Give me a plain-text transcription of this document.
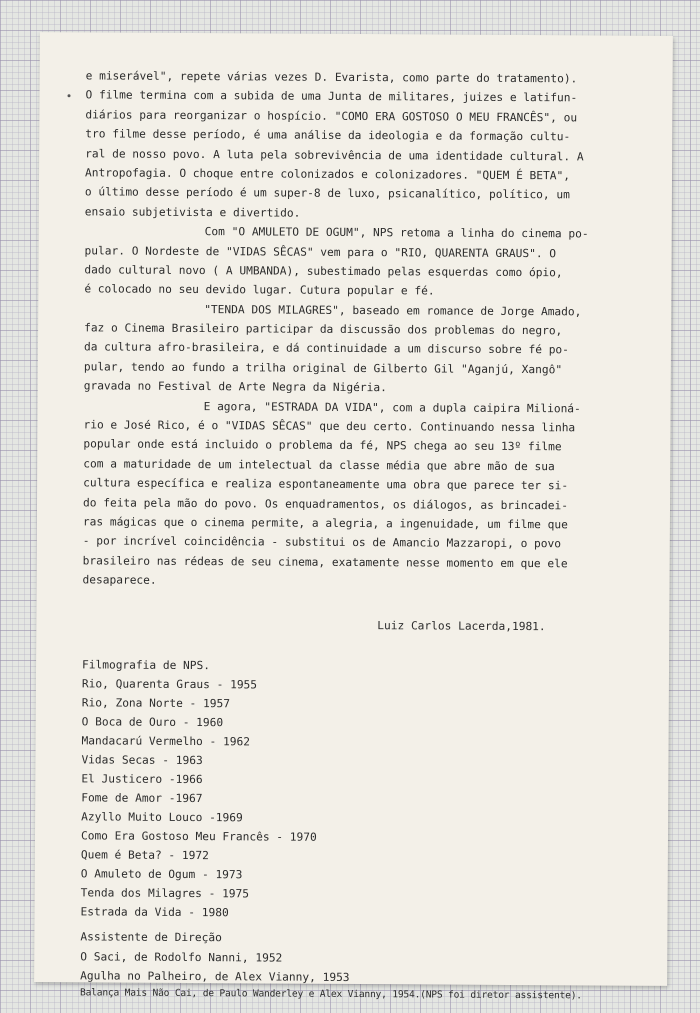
e miserável", repete várias vezes D. Evarista, como parte do tratamento).
O filme termina com a subida de uma Junta de militares, juizes e latifun-
diários para reorganizar o hospício. "COMO ERA GOSTOSO O MEU FRANCÊS", ou
tro filme desse período, é uma análise da ideologia e da formação cultu-
ral de nosso povo. A luta pela sobrevivência de uma identidade cultural. A
Antropofagia. O choque entre colonizados e colonizadores. "QUEM É BETA",
o último desse período é um super-8 de luxo, psicanalítico, político, um
ensaio subjetivista e divertido.
Com "O AMULETO DE OGUM", NPS retoma a linha do cinema po-
pular. O Nordeste de "VIDAS SÊCAS" vem para o "RIO, QUARENTA GRAUS". O
dado cultural novo ( A UMBANDA), subestimado pelas esquerdas como ópio,
é colocado no seu devido lugar. Cutura popular e fé.
"TENDA DOS MILAGRES", baseado em romance de Jorge Amado,
faz o Cinema Brasileiro participar da discussão dos problemas do negro,
da cultura afro-brasileira, e dá continuidade a um discurso sobre fé po-
pular, tendo ao fundo a trilha original de Gilberto Gil "Aganjú, Xangô"
gravada no Festival de Arte Negra da Nigéria.
E agora, "ESTRADA DA VIDA", com a dupla caipira Milioná-
rio e José Rico, é o "VIDAS SÊCAS" que deu certo. Continuando nessa linha
popular onde está incluido o problema da fé, NPS chega ao seu 13º filme
com a maturidade de um intelectual da classe média que abre mão de sua
cultura específica e realiza espontaneamente uma obra que parece ter si-
do feita pela mão do povo. Os enquadramentos, os diálogos, as brincadei-
ras mágicas que o cinema permite, a alegria, a ingenuidade, um filme que
- por incrível coincidência - substitui os de Amancio Mazzaropi, o povo
brasileiro nas rédeas de seu cinema, exatamente nesse momento em que ele
desaparece.
Luiz Carlos Lacerda,1981.
Filmografia de NPS.
Rio, Quarenta Graus - 1955
Rio, Zona Norte - 1957
O Boca de Ouro - 1960
Mandacarú Vermelho - 1962
Vidas Secas - 1963
El Justicero -1966
Fome de Amor -1967
Azyllo Muito Louco -1969
Como Era Gostoso Meu Francês - 1970
Quem é Beta? - 1972
O Amuleto de Ogum - 1973
Tenda dos Milagres - 1975
Estrada da Vida - 1980
Assistente de Direção
O Saci, de Rodolfo Nanni, 1952
Agulha no Palheiro, de Alex Vianny, 1953
Balança Mais Não Cai, de Paulo Wanderley e Alex Vianny, 1954.(NPS foi diretor assistente).
